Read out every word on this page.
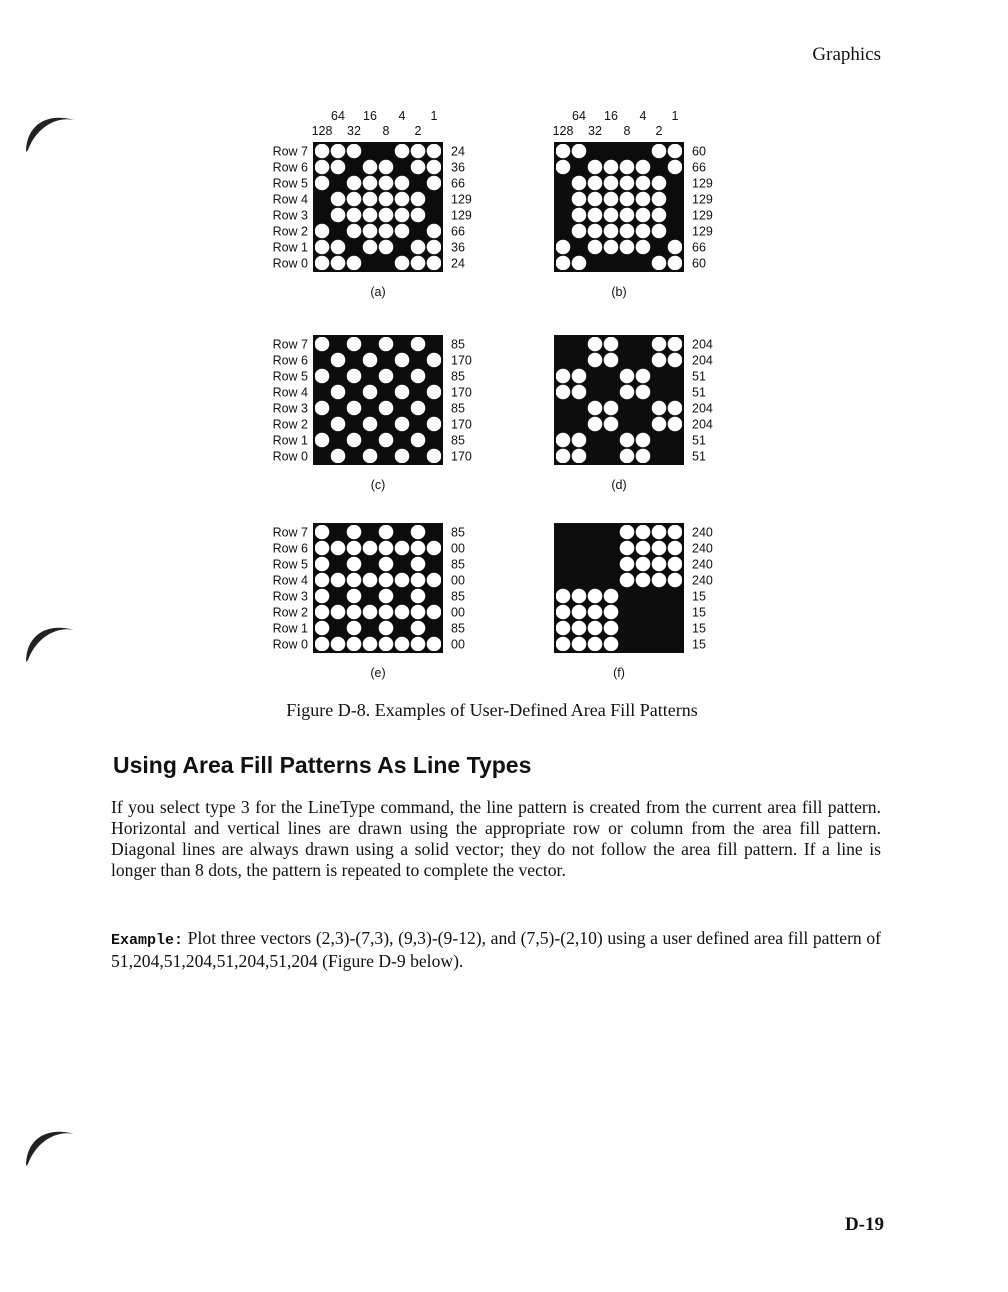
Graphics
64 16 4 1
128 32 8 2
Row 7
Row 6
Row 5
Row 4
Row 3
Row 2
Row 1
Row 0
24
36
66
129
129
66
36
24
(a)
64 16 4 1
128 32 8 2
60
66
129
129
129
129
66
60
(b)
Row 7
Row 6
Row 5
Row 4
Row 3
Row 2
Row 1
Row 0
85
170
85
170
85
170
85
170
(c)
204
204
51
51
204
204
51
51
(d)
Row 7
Row 6
Row 5
Row 4
Row 3
Row 2
Row 1
Row 0
85
00
85
00
85
00
85
00
(e)
240
240
240
240
15
15
15
15
(f)
Figure D-8. Examples of User-Defined Area Fill Patterns
Using Area Fill Patterns As Line Types

If you select type 3 for the LineType command, the line pattern is created from the current area fill pattern. Horizontal and vertical lines are drawn using the appropriate row or column from the area fill pattern. Diagonal lines are always drawn using a solid vector; they do not follow the area fill pattern. If a line is longer than 8 dots, the pattern is repeated to complete the vector.

Example: Plot three vectors (2,3)-(7,3), (9,3)-(9-12), and (7,5)-(2,10) using a user defined area fill pattern of 51,204,51,204,51,204,51,204 (Figure D-9 below).

D-19
